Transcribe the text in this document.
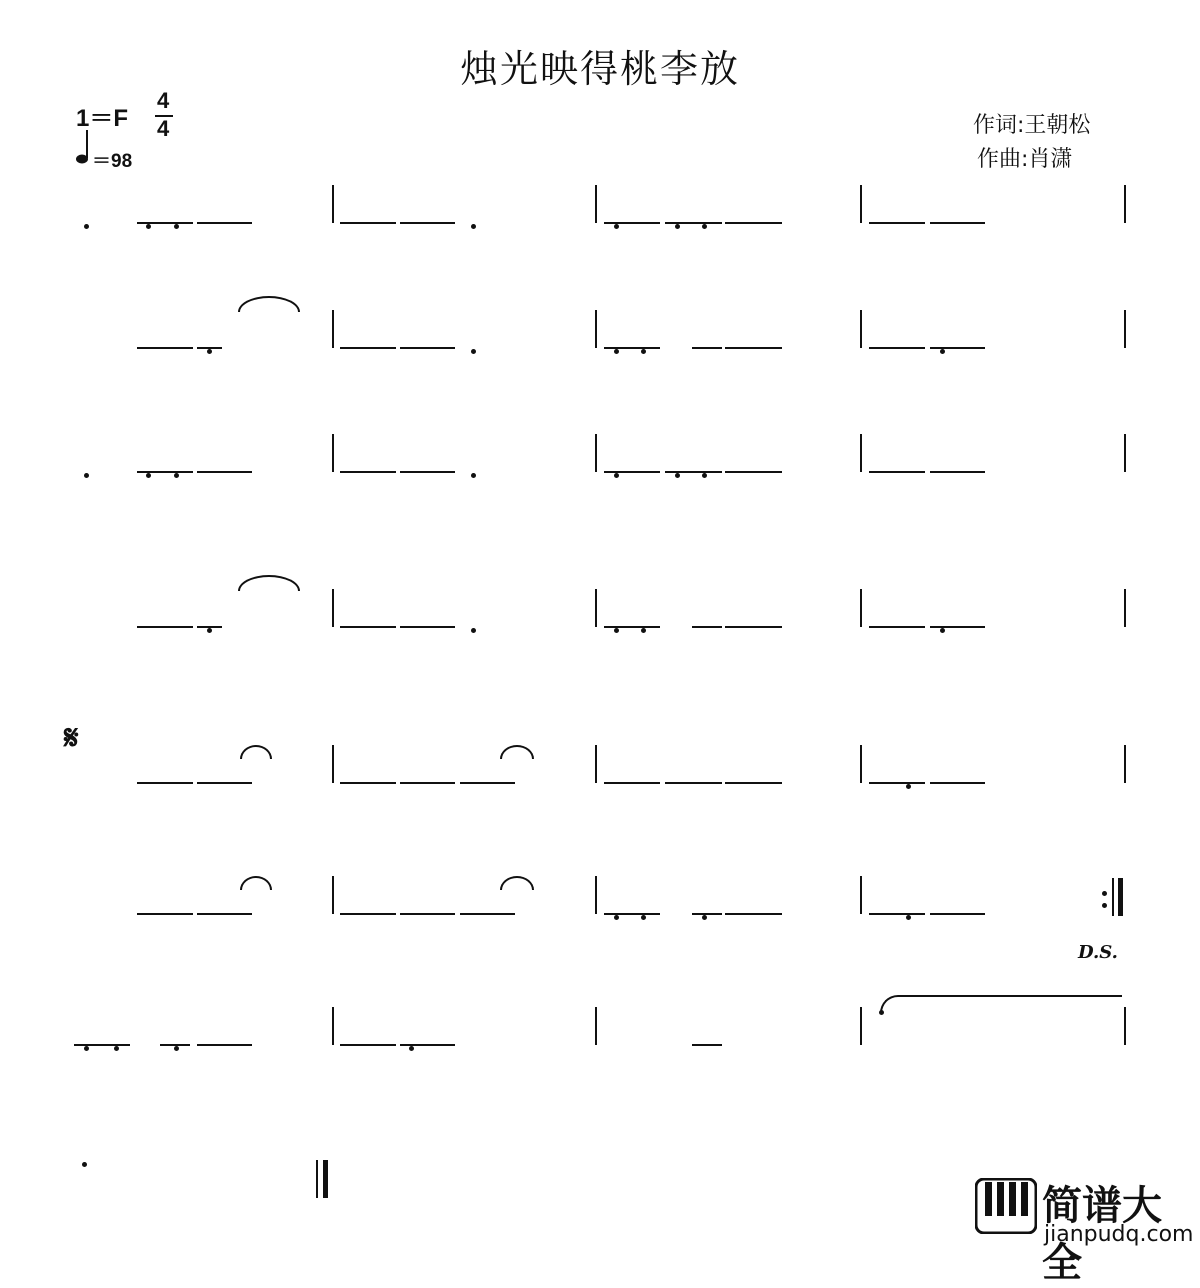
烛光映得桃李放
1＝F
4
4
＝98
作词:王朝松
作曲:肖潇
𝄋
D.S.
简谱大全
jianpudq.com
